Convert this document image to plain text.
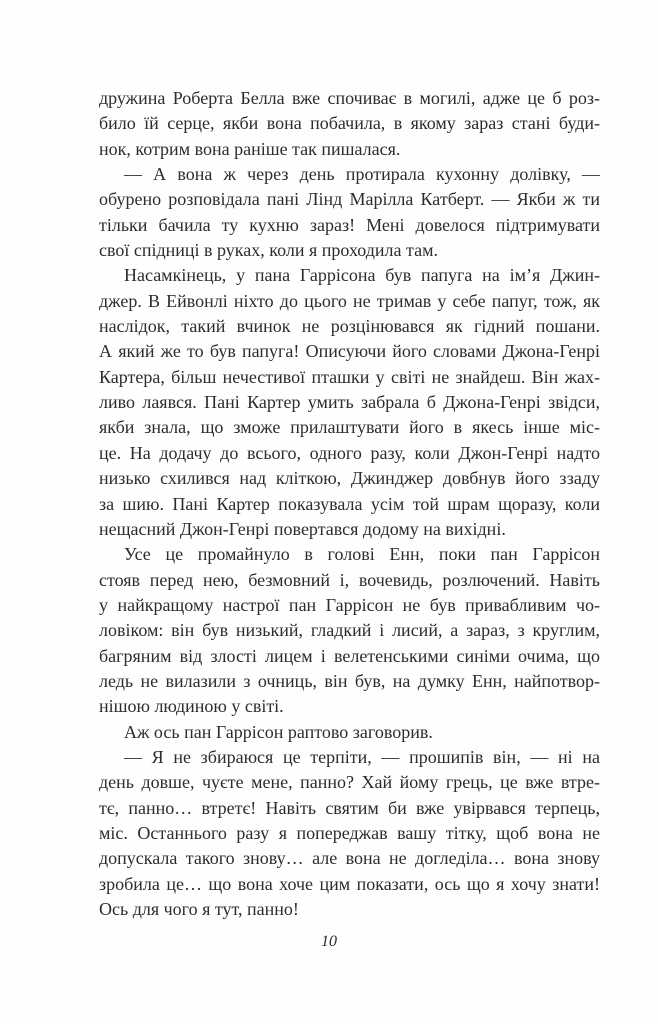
дружина Роберта Белла вже спочиває в могилі, адже це б роз-
било їй серце, якби вона побачила, в якому зараз стані буди-
нок, котрим вона раніше так пишалася.
— А вона ж через день протирала кухонну долівку, —
обурено розповідала пані Лінд Марілла Катберт. — Якби ж ти
тільки бачила ту кухню зараз! Мені довелося підтримувати
свої спідниці в руках, коли я проходила там.
Насамкінець, у пана Гаррісона був папуга на ім’я Джин-
джер. В Ейвонлі ніхто до цього не тримав у себе папуг, тож, як
наслідок, такий вчинок не розцінювався як гідний пошани.
А який же то був папуга! Описуючи його словами Джона-Генрі
Картера, більш нечестивої пташки у світі не знайдеш. Він жах-
ливо лаявся. Пані Картер умить забрала б Джона-Генрі звідси,
якби знала, що зможе прилаштувати його в якесь інше міс-
це. На додачу до всього, одного разу, коли Джон-Генрі надто
низько схилився над кліткою, Джинджер довбнув його ззаду
за шию. Пані Картер показувала усім той шрам щоразу, коли
нещасний Джон-Генрі повертався додому на вихідні.
Усе це промайнуло в голові Енн, поки пан Гаррісон
стояв перед нею, безмовний і, вочевидь, розлючений. Навіть
у найкращому настрої пан Гаррісон не був привабливим чо-
ловіком: він був низький, гладкий і лисий, а зараз, з круглим,
багряним від злості лицем і велетенськими синіми очима, що
ледь не вилазили з очниць, він був, на думку Енн, найпотвор-
нішою людиною у світі.
Аж ось пан Гаррісон раптово заговорив.
— Я не збираюся це терпіти, — прошипів він, — ні на
день довше, чуєте мене, панно? Хай йому грець, це вже втре-
тє, панно… втретє! Навіть святим би вже увірвався терпець,
міс. Останнього разу я попереджав вашу тітку, щоб вона не
допускала такого знову… але вона не догледіла… вона знову
зробила це… що вона хоче цим показати, ось що я хочу знати!
Ось для чого я тут, панно!
10
